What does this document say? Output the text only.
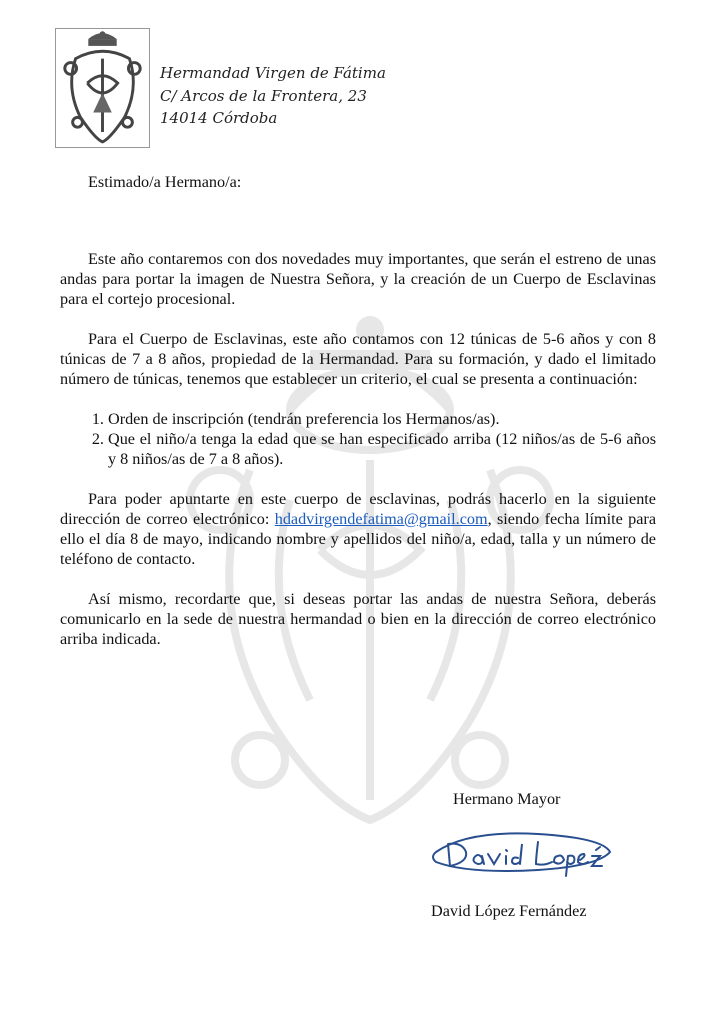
Hermandad Virgen de Fátima
C/ Arcos de la Frontera, 23
14014 Córdoba

Estimado/a Hermano/a:

Este año contaremos con dos novedades muy importantes, que serán el estreno de unas andas para portar la imagen de Nuestra Señora, y la creación de un Cuerpo de Esclavinas para el cortejo procesional.

Para el Cuerpo de Esclavinas, este año contamos con 12 túnicas de 5-6 años y con 8 túnicas de 7 a 8 años, propiedad de la Hermandad. Para su formación, y dado el limitado número de túnicas, tenemos que establecer un criterio, el cual se presenta a continuación:

1. Orden de inscripción (tendrán preferencia los Hermanos/as).
2. Que el niño/a tenga la edad que se han especificado arriba (12 niños/as de 5-6 años y 8 niños/as de 7 a 8 años).

Para poder apuntarte en este cuerpo de esclavinas, podrás hacerlo en la siguiente dirección de correo electrónico: hdadvirgendefatima@gmail.com, siendo fecha límite para ello el día 8 de mayo, indicando nombre y apellidos del niño/a, edad, talla y un número de teléfono de contacto.

Así mismo, recordarte que, si deseas portar las andas de nuestra Señora, deberás comunicarlo en la sede de nuestra hermandad o bien en la dirección de correo electrónico arriba indicada.

Hermano Mayor
David López Fernández
